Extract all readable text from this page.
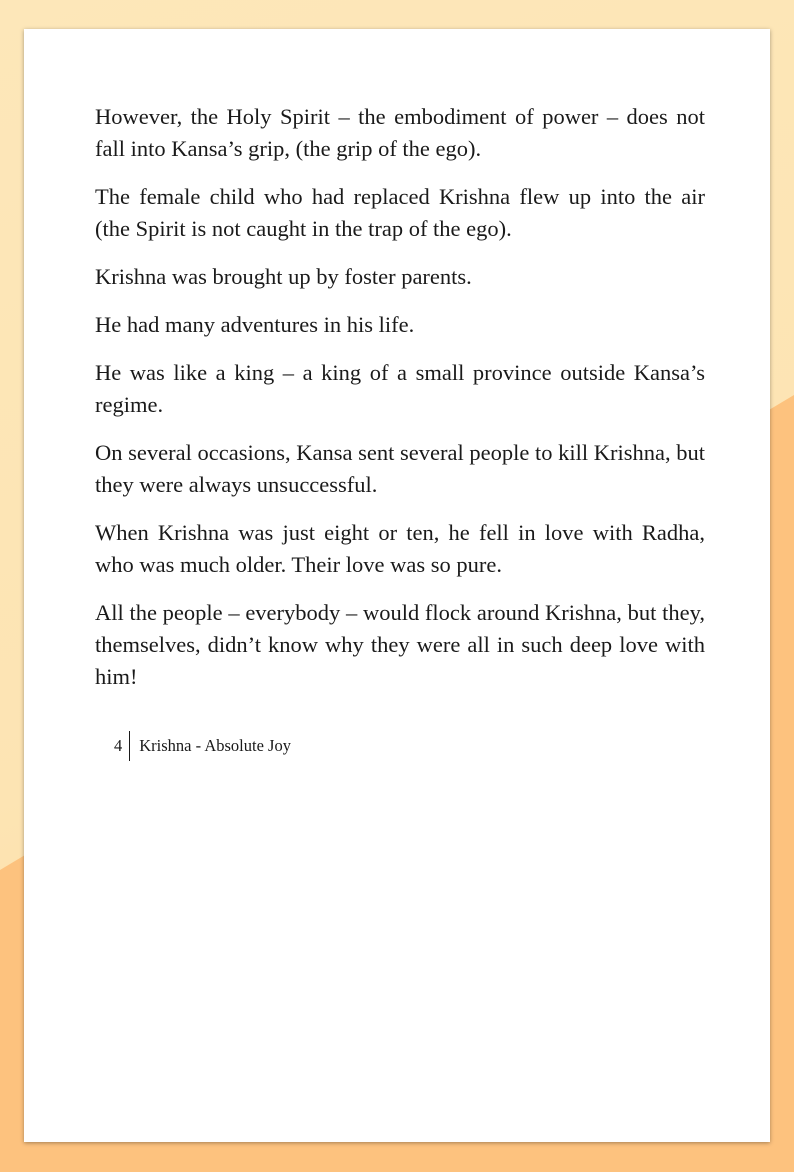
However, the Holy Spirit – the embodiment of power – does not fall into Kansa’s grip, (the grip of the ego).

The female child who had replaced Krishna flew up into the air (the Spirit is not caught in the trap of the ego).

Krishna was brought up by foster parents.

He had many adventures in his life.

He was like a king – a king of a small province outside Kansa’s regime.

On several occasions, Kansa sent several people to kill Krishna, but they were always unsuccessful.

When Krishna was just eight or ten, he fell in love with Radha, who was much older. Their love was so pure.

All the people – everybody – would flock around Krishna, but they, themselves, didn’t know why they were all in such deep love with him!

4	Krishna - Absolute Joy
